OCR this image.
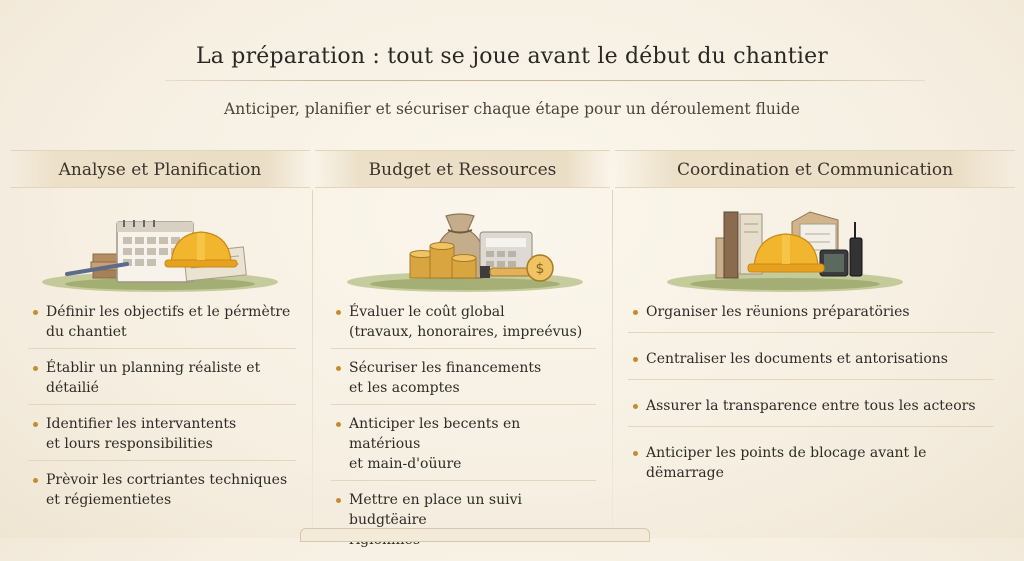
La préparation : tout se joue avant le début du chantier
Anticiper, planifier et sécuriser chaque étape pour un déroulement fluide
Analyse et Planification
Définir les objectifs et le pérmètre
du chantiet
Établir un planning réaliste et détailié
Identifier les intervantents
et lours responsibilities
Prèvoir les cortriantes techniques
et régiementietes
Budget et Ressources
$
Évaluer le coût global
(travaux, honoraires, impreévus)
Sécuriser les financements
et les acomptes
Anticiper les becents en matérious
et main-d'oüure
Mettre en place un suivi budgtëaire
Coordination et Communication
Organiser les rëunions préparatöries
Centraliser les documents et antorisations
Assurer la transparence entre tous les acteors
Anticiper les points de blocage avant le dëmarrage
